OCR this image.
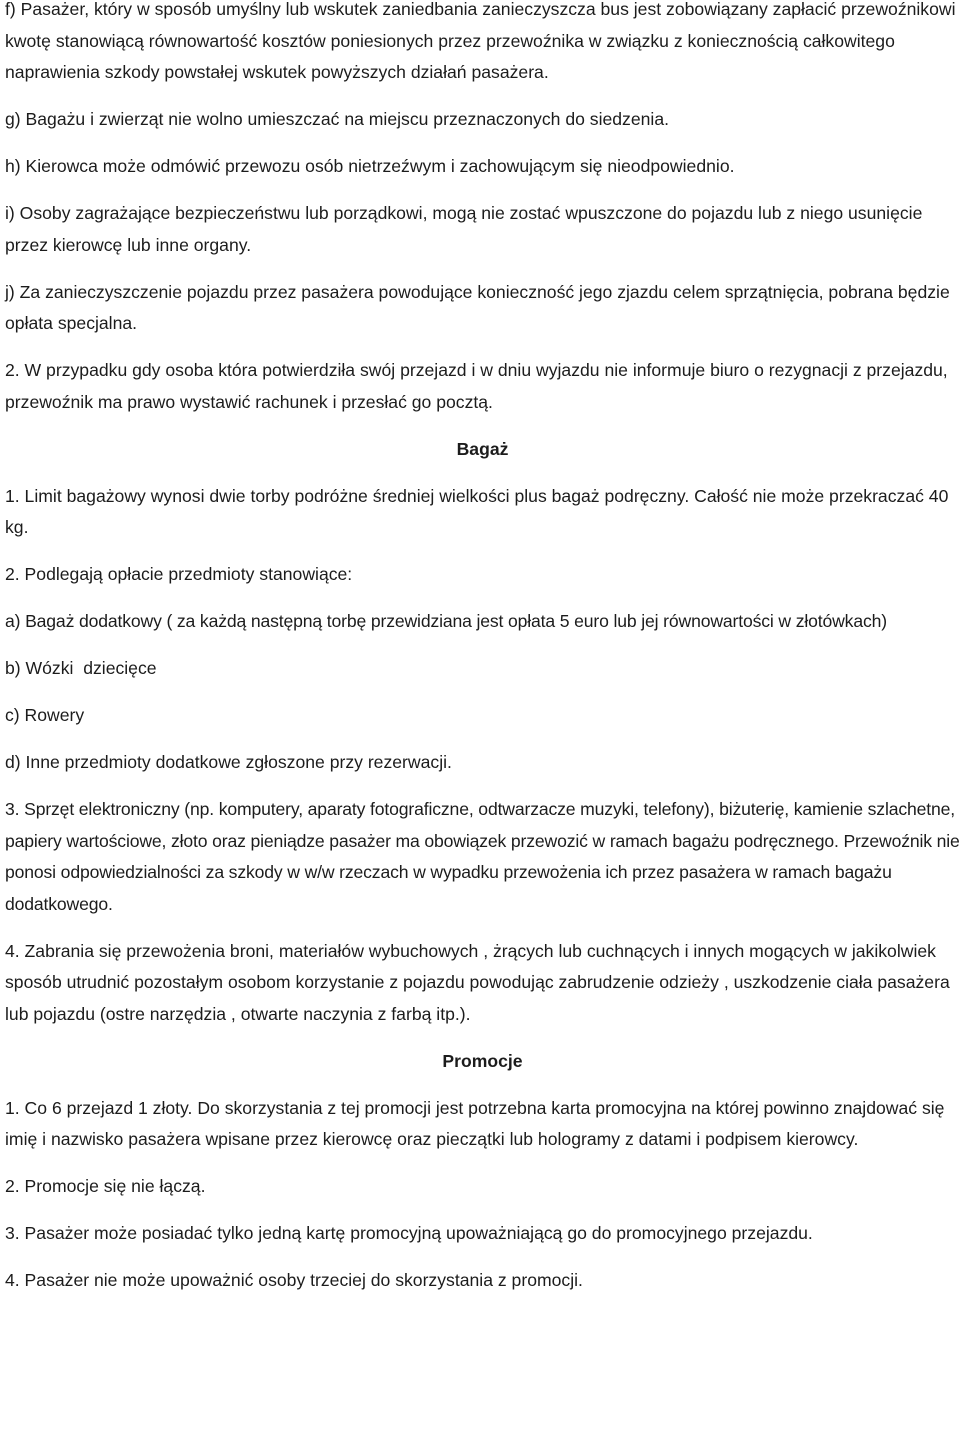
f) Pasażer, który w sposób umyślny lub wskutek zaniedbania zanieczyszcza bus jest zobowiązany zapłacić przewoźnikowi kwotę stanowiącą równowartość kosztów poniesionych przez przewoźnika w związku z koniecznością całkowitego naprawienia szkody powstałej wskutek powyższych działań pasażera.

g) Bagażu i zwierząt nie wolno umieszczać na miejscu przeznaczonych do siedzenia.

h) Kierowca może odmówić przewozu osób nietrzeźwym i zachowującym się nieodpowiednio.

i) Osoby zagrażające bezpieczeństwu lub porządkowi, mogą nie zostać wpuszczone do pojazdu lub z niego usunięcie przez kierowcę lub inne organy.

j) Za zanieczyszczenie pojazdu przez pasażera powodujące konieczność jego zjazdu celem sprzątnięcia, pobrana będzie opłata specjalna.

2. W przypadku gdy osoba która potwierdziła swój przejazd i w dniu wyjazdu nie informuje biuro o rezygnacji z przejazdu, przewoźnik ma prawo wystawić rachunek i przesłać go pocztą.

Bagaż

1. Limit bagażowy wynosi dwie torby podróżne średniej wielkości plus bagaż podręczny. Całość nie może przekraczać 40 kg.

2. Podlegają opłacie przedmioty stanowiące:

a) Bagaż dodatkowy ( za każdą następną torbę przewidziana jest opłata 5 euro lub jej równowartości w złotówkach)

b) Wózki  dziecięce

c) Rowery

d) Inne przedmioty dodatkowe zgłoszone przy rezerwacji.

3. Sprzęt elektroniczny (np. komputery, aparaty fotograficzne, odtwarzacze muzyki, telefony), biżuterię, kamienie szlachetne, papiery wartościowe, złoto oraz pieniądze pasażer ma obowiązek przewozić w ramach bagażu podręcznego. Przewoźnik nie ponosi odpowiedzialności za szkody w w/w rzeczach w wypadku przewożenia ich przez pasażera w ramach bagażu dodatkowego.

4. Zabrania się przewożenia broni, materiałów wybuchowych , żrących lub cuchnących i innych mogących w jakikolwiek sposób utrudnić pozostałym osobom korzystanie z pojazdu powodując zabrudzenie odzieży , uszkodzenie ciała pasażera lub pojazdu (ostre narzędzia , otwarte naczynia z farbą itp.).

Promocje

1. Co 6 przejazd 1 złoty. Do skorzystania z tej promocji jest potrzebna karta promocyjna na której powinno znajdować się imię i nazwisko pasażera wpisane przez kierowcę oraz pieczątki lub hologramy z datami i podpisem kierowcy.

2. Promocje się nie łączą.

3. Pasażer może posiadać tylko jedną kartę promocyjną upoważniającą go do promocyjnego przejazdu.

4. Pasażer nie może upoważnić osoby trzeciej do skorzystania z promocji.
